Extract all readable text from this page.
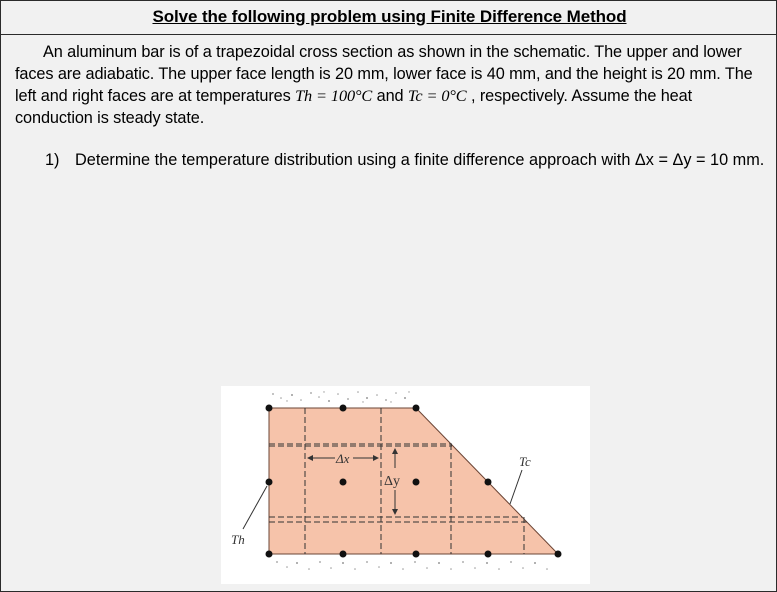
Solve the following problem using Finite Difference Method
An aluminum bar is of a trapezoidal cross section as shown in the schematic. The upper and lower faces are adiabatic. The upper face length is 20 mm, lower face is 40 mm, and the height is 20 mm. The left and right faces are at temperatures Th = 100°C and Tc = 0°C , respectively. Assume the heat conduction is steady state.
1) Determine the temperature distribution using a finite difference approach with Δx = Δy = 10 mm.
Δx
Δy
Th
Tc
